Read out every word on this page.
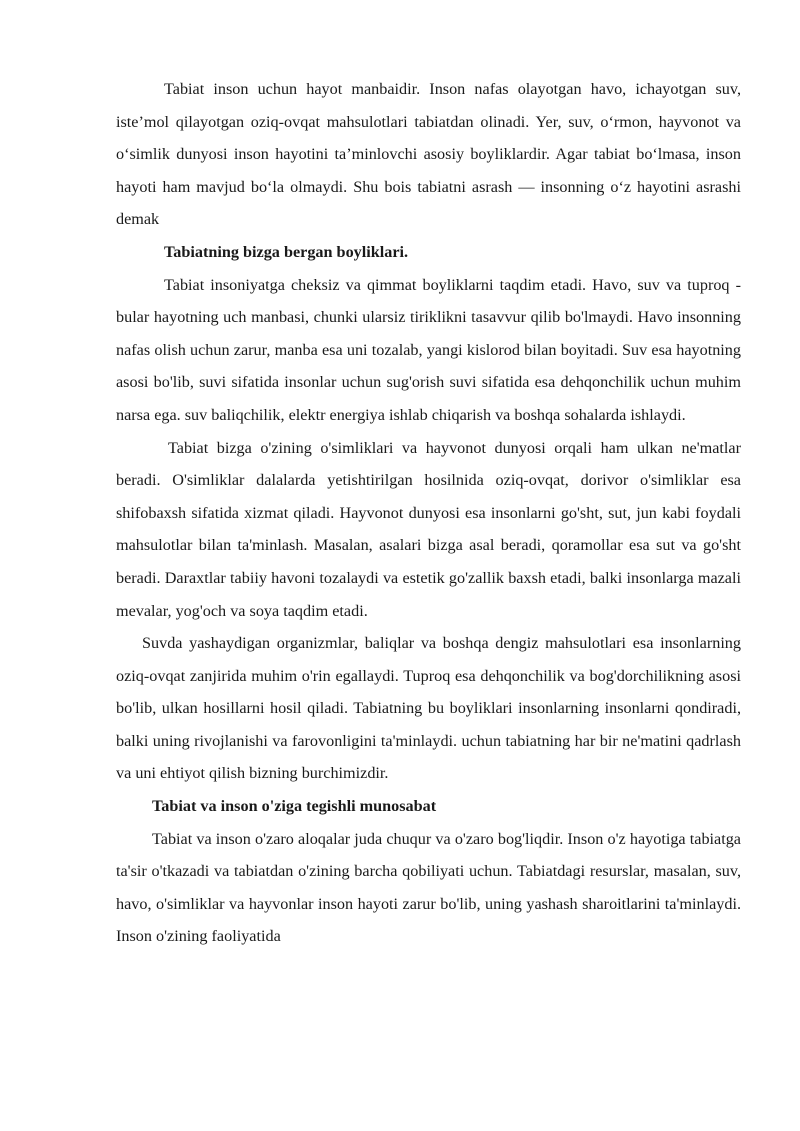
Tabiat inson uchun hayot manbaidir. Inson nafas olayotgan havo, ichayotgan suv, iste’mol qilayotgan oziq-ovqat mahsulotlari tabiatdan olinadi. Yer, suv, o‘rmon, hayvonot va o‘simlik dunyosi inson hayotini ta’minlovchi asosiy boyliklardir. Agar tabiat bo‘lmasa, inson hayoti ham mavjud bo‘la olmaydi. Shu bois tabiatni asrash — insonning o‘z hayotini asrashi demak

Tabiatning bizga bergan boyliklari.

Tabiat insoniyatga cheksiz va qimmat boyliklarni taqdim etadi. Havo, suv va tuproq - bular hayotning uch manbasi, chunki ularsiz tiriklikni tasavvur qilib bo'lmaydi. Havo insonning nafas olish uchun zarur, manba esa uni tozalab, yangi kislorod bilan boyitadi. Suv esa hayotning asosi bo'lib, suvi sifatida insonlar uchun sug'orish suvi sifatida esa dehqonchilik uchun muhim narsa ega. suv baliqchilik, elektr energiya ishlab chiqarish va boshqa sohalarda ishlaydi.

Tabiat bizga o'zining o'simliklari va hayvonot dunyosi orqali ham ulkan ne'matlar beradi. O'simliklar dalalarda yetishtirilgan hosilnida oziq-ovqat, dorivor o'simliklar esa shifobaxsh sifatida xizmat qiladi. Hayvonot dunyosi esa insonlarni go'sht, sut, jun kabi foydali mahsulotlar bilan ta'minlash. Masalan, asalari bizga asal beradi, qoramollar esa sut va go'sht beradi. Daraxtlar tabiiy havoni tozalaydi va estetik go'zallik baxsh etadi, balki insonlarga mazali mevalar, yog'och va soya taqdim etadi.

Suvda yashaydigan organizmlar, baliqlar va boshqa dengiz mahsulotlari esa insonlarning oziq-ovqat zanjirida muhim o'rin egallaydi. Tuproq esa dehqonchilik va bog'dorchilikning asosi bo'lib, ulkan hosillarni hosil qiladi. Tabiatning bu boyliklari insonlarning insonlarni qondiradi, balki uning rivojlanishi va farovonligini ta'minlaydi. uchun tabiatning har bir ne'matini qadrlash va uni ehtiyot qilish bizning burchimizdir.

Tabiat va inson o'ziga tegishli munosabat

Tabiat va inson o'zaro aloqalar juda chuqur va o'zaro bog'liqdir. Inson o'z hayotiga tabiatga ta'sir o'tkazadi va tabiatdan o'zining barcha qobiliyati uchun. Tabiatdagi resurslar, masalan, suv, havo, o'simliklar va hayvonlar inson hayoti zarur bo'lib, uning yashash sharoitlarini ta'minlaydi. Inson o'zining faoliyatida
